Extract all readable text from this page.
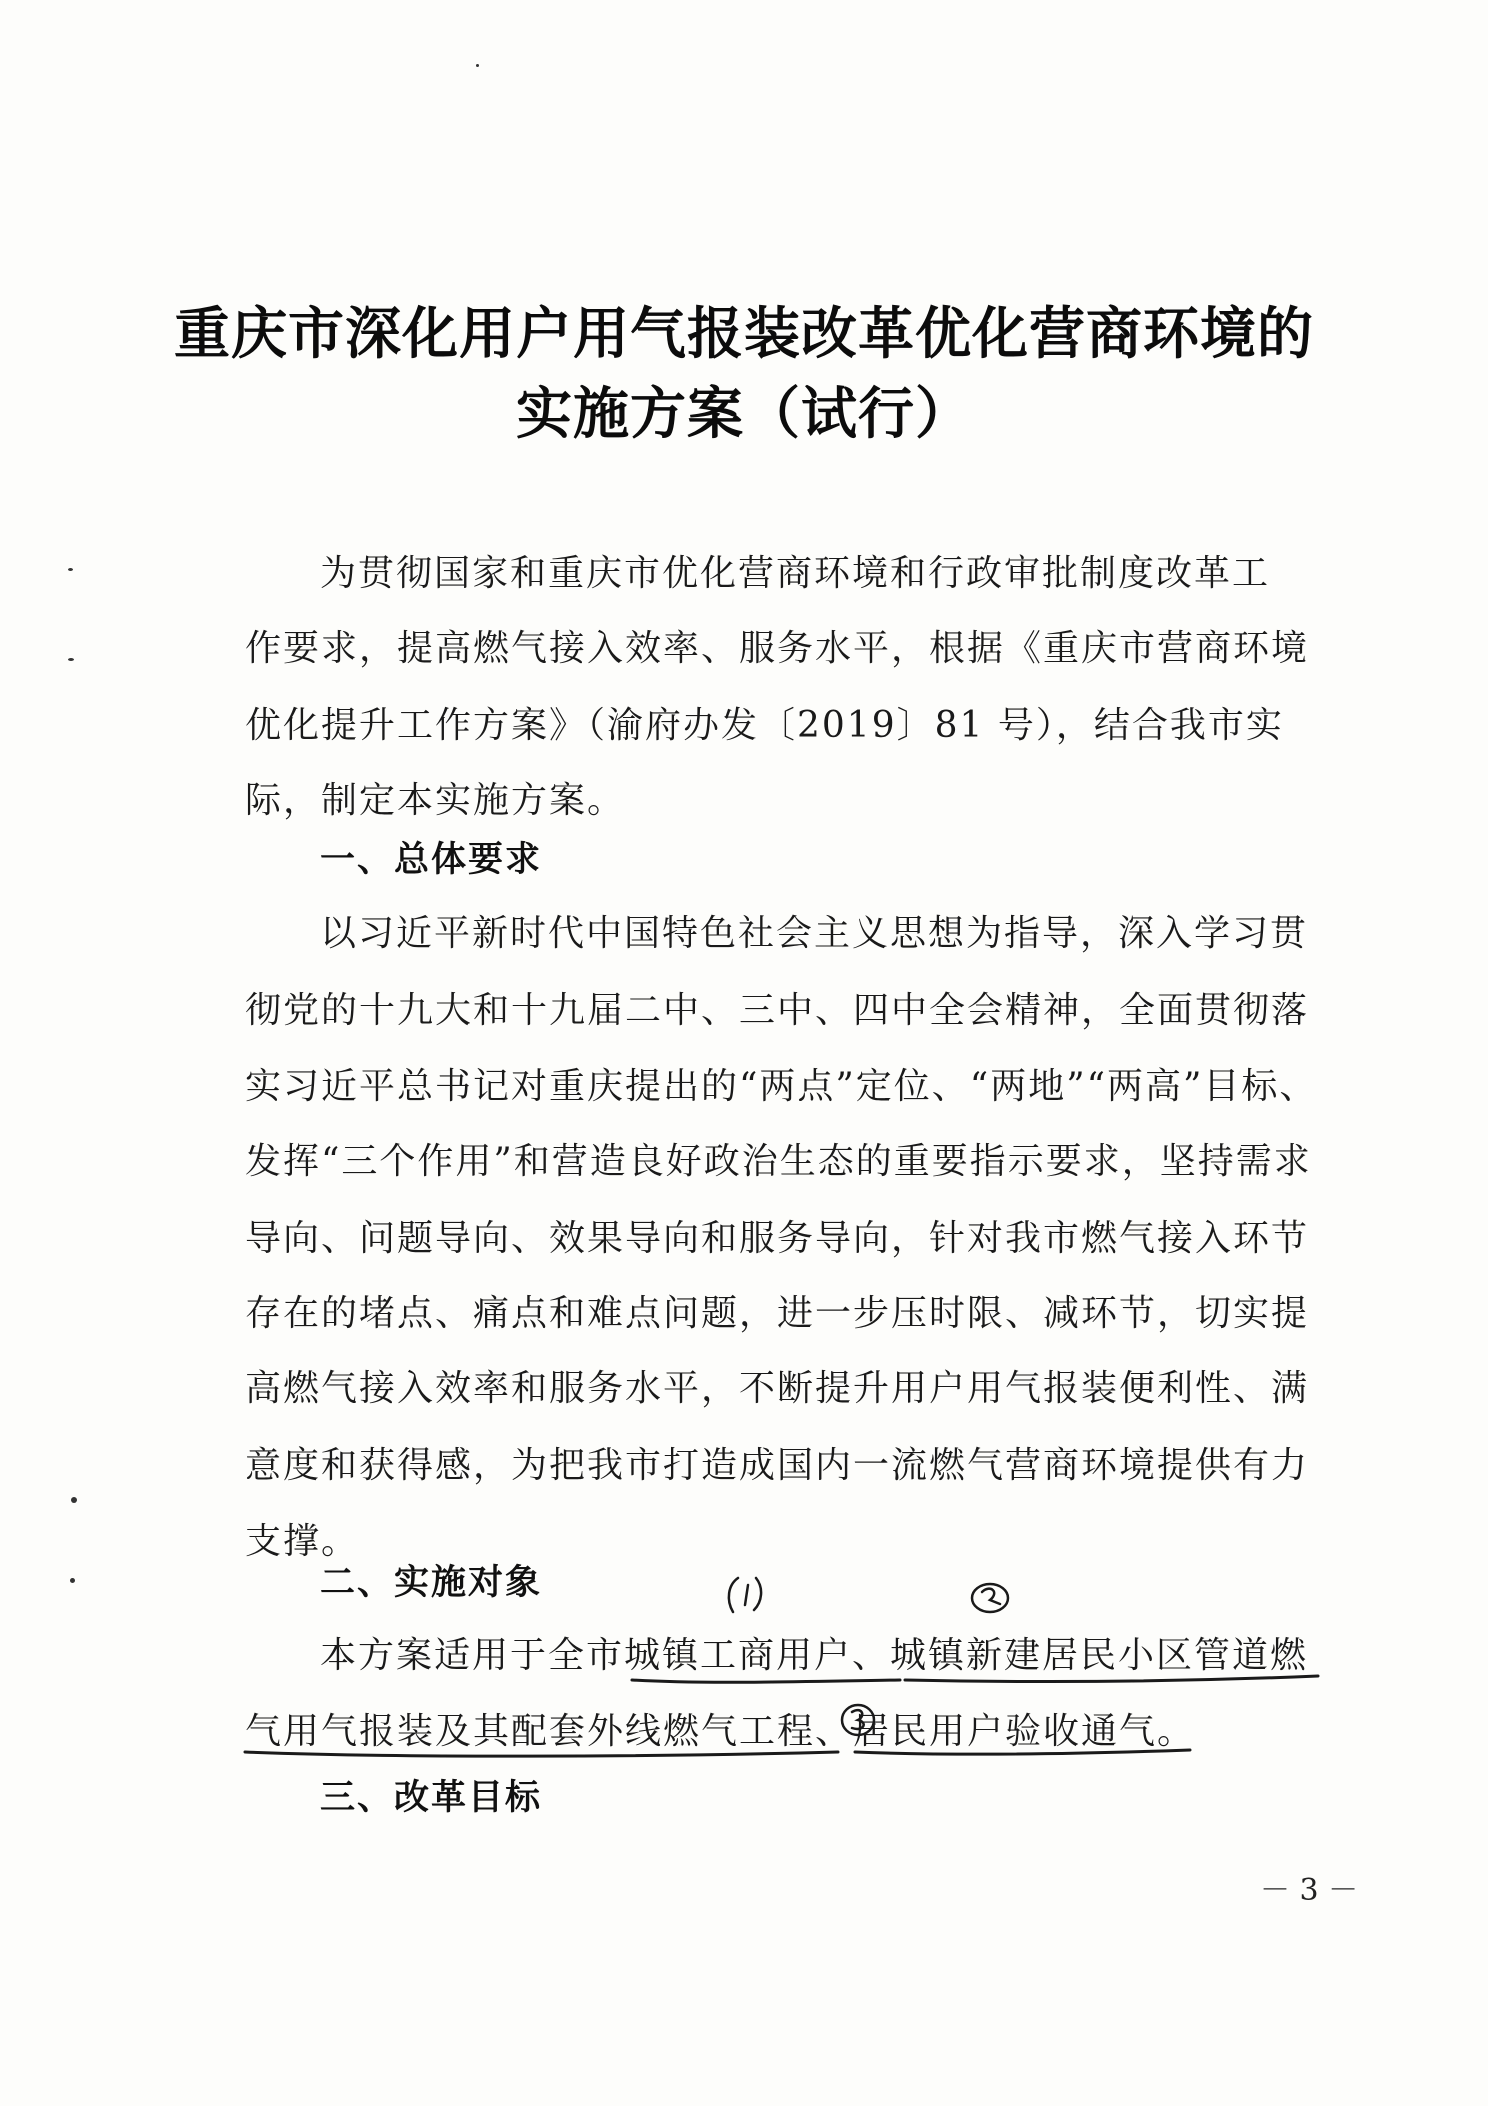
重庆市深化用户用气报装改革优化营商环境的
实施方案（试行）
为贯彻国家和重庆市优化营商环境和行政审批制度改革工
作要求，提高燃气接入效率、服务水平，根据《重庆市营商环境
优化提升工作方案》（渝府办发〔2019〕81 号），结合我市实
际，制定本实施方案。
一、总体要求
以习近平新时代中国特色社会主义思想为指导，深入学习贯
彻党的十九大和十九届二中、三中、四中全会精神，全面贯彻落
实习近平总书记对重庆提出的“两点”定位、“两地”“两高”目标、
发挥“三个作用”和营造良好政治生态的重要指示要求，坚持需求
导向、问题导向、效果导向和服务导向，针对我市燃气接入环节
存在的堵点、痛点和难点问题，进一步压时限、减环节，切实提
高燃气接入效率和服务水平，不断提升用户用气报装便利性、满
意度和获得感，为把我市打造成国内一流燃气营商环境提供有力
支撑。
二、实施对象
本方案适用于全市城镇工商用户、城镇新建居民小区管道燃
气用气报装及其配套外线燃气工程、居民用户验收通气。
三、改革目标
－ 3 －
